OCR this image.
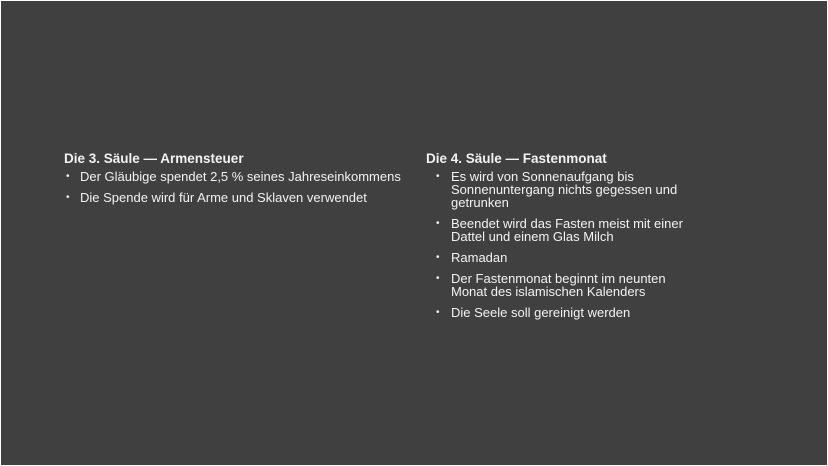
Die 3. Säule — Armensteuer
• Der Gläubige spendet 2,5 % seines Jahreseinkommens
• Die Spende wird für Arme und Sklaven verwendet
Die 4. Säule — Fastenmonat
• Es wird von Sonnenaufgang bis Sonnenuntergang nichts gegessen und getrunken
• Beendet wird das Fasten meist mit einer Dattel und einem Glas Milch
• Ramadan
• Der Fastenmonat beginnt im neunten Monat des islamischen Kalenders
• Die Seele soll gereinigt werden
